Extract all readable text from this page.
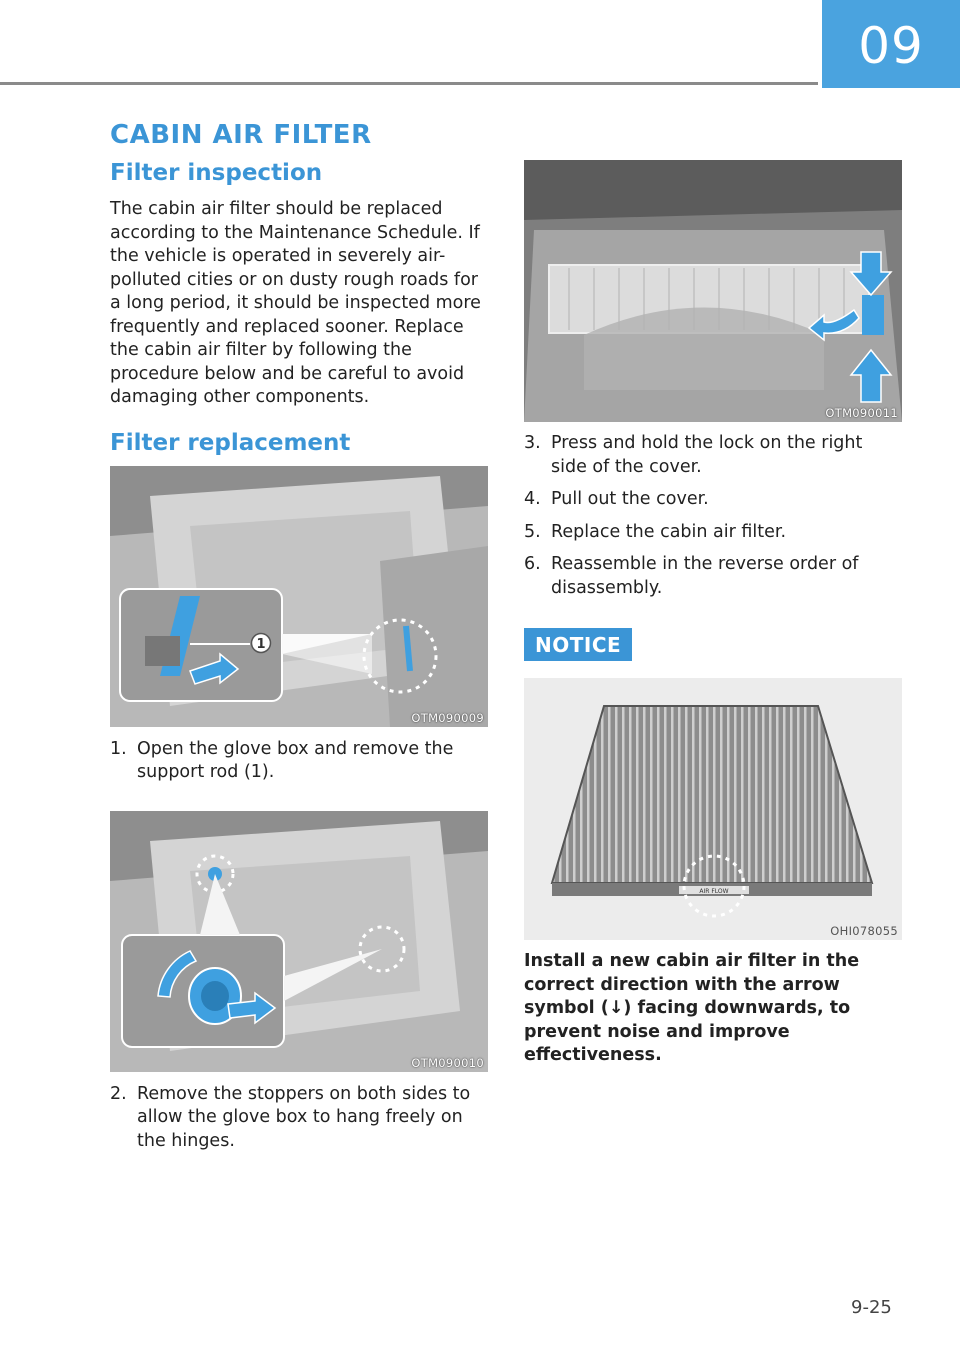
09
CABIN AIR FILTER
Filter inspection

The cabin air filter should be replaced according to the Maintenance Schedule. If the vehicle is operated in severely air-polluted cities or on dusty rough roads for a long period, it should be inspected more frequently and replaced sooner. Replace the cabin air filter by following the procedure below and be careful to avoid damaging other components.

Filter replacement
1
OTM090009
1. Open the glove box and remove the support rod (1).
OTM090010
2. Remove the stoppers on both sides to allow the glove box to hang freely on the hinges.
OTM090011
3. Press and hold the lock on the right side of the cover.
4. Pull out the cover.
5. Replace the cabin air filter.
6. Reassemble in the reverse order of disassembly.
NOTICE
AIR FLOW
OHI078055

Install a new cabin air filter in the correct direction with the arrow symbol (↓) facing downwards, to prevent noise and improve effectiveness.

9-25
